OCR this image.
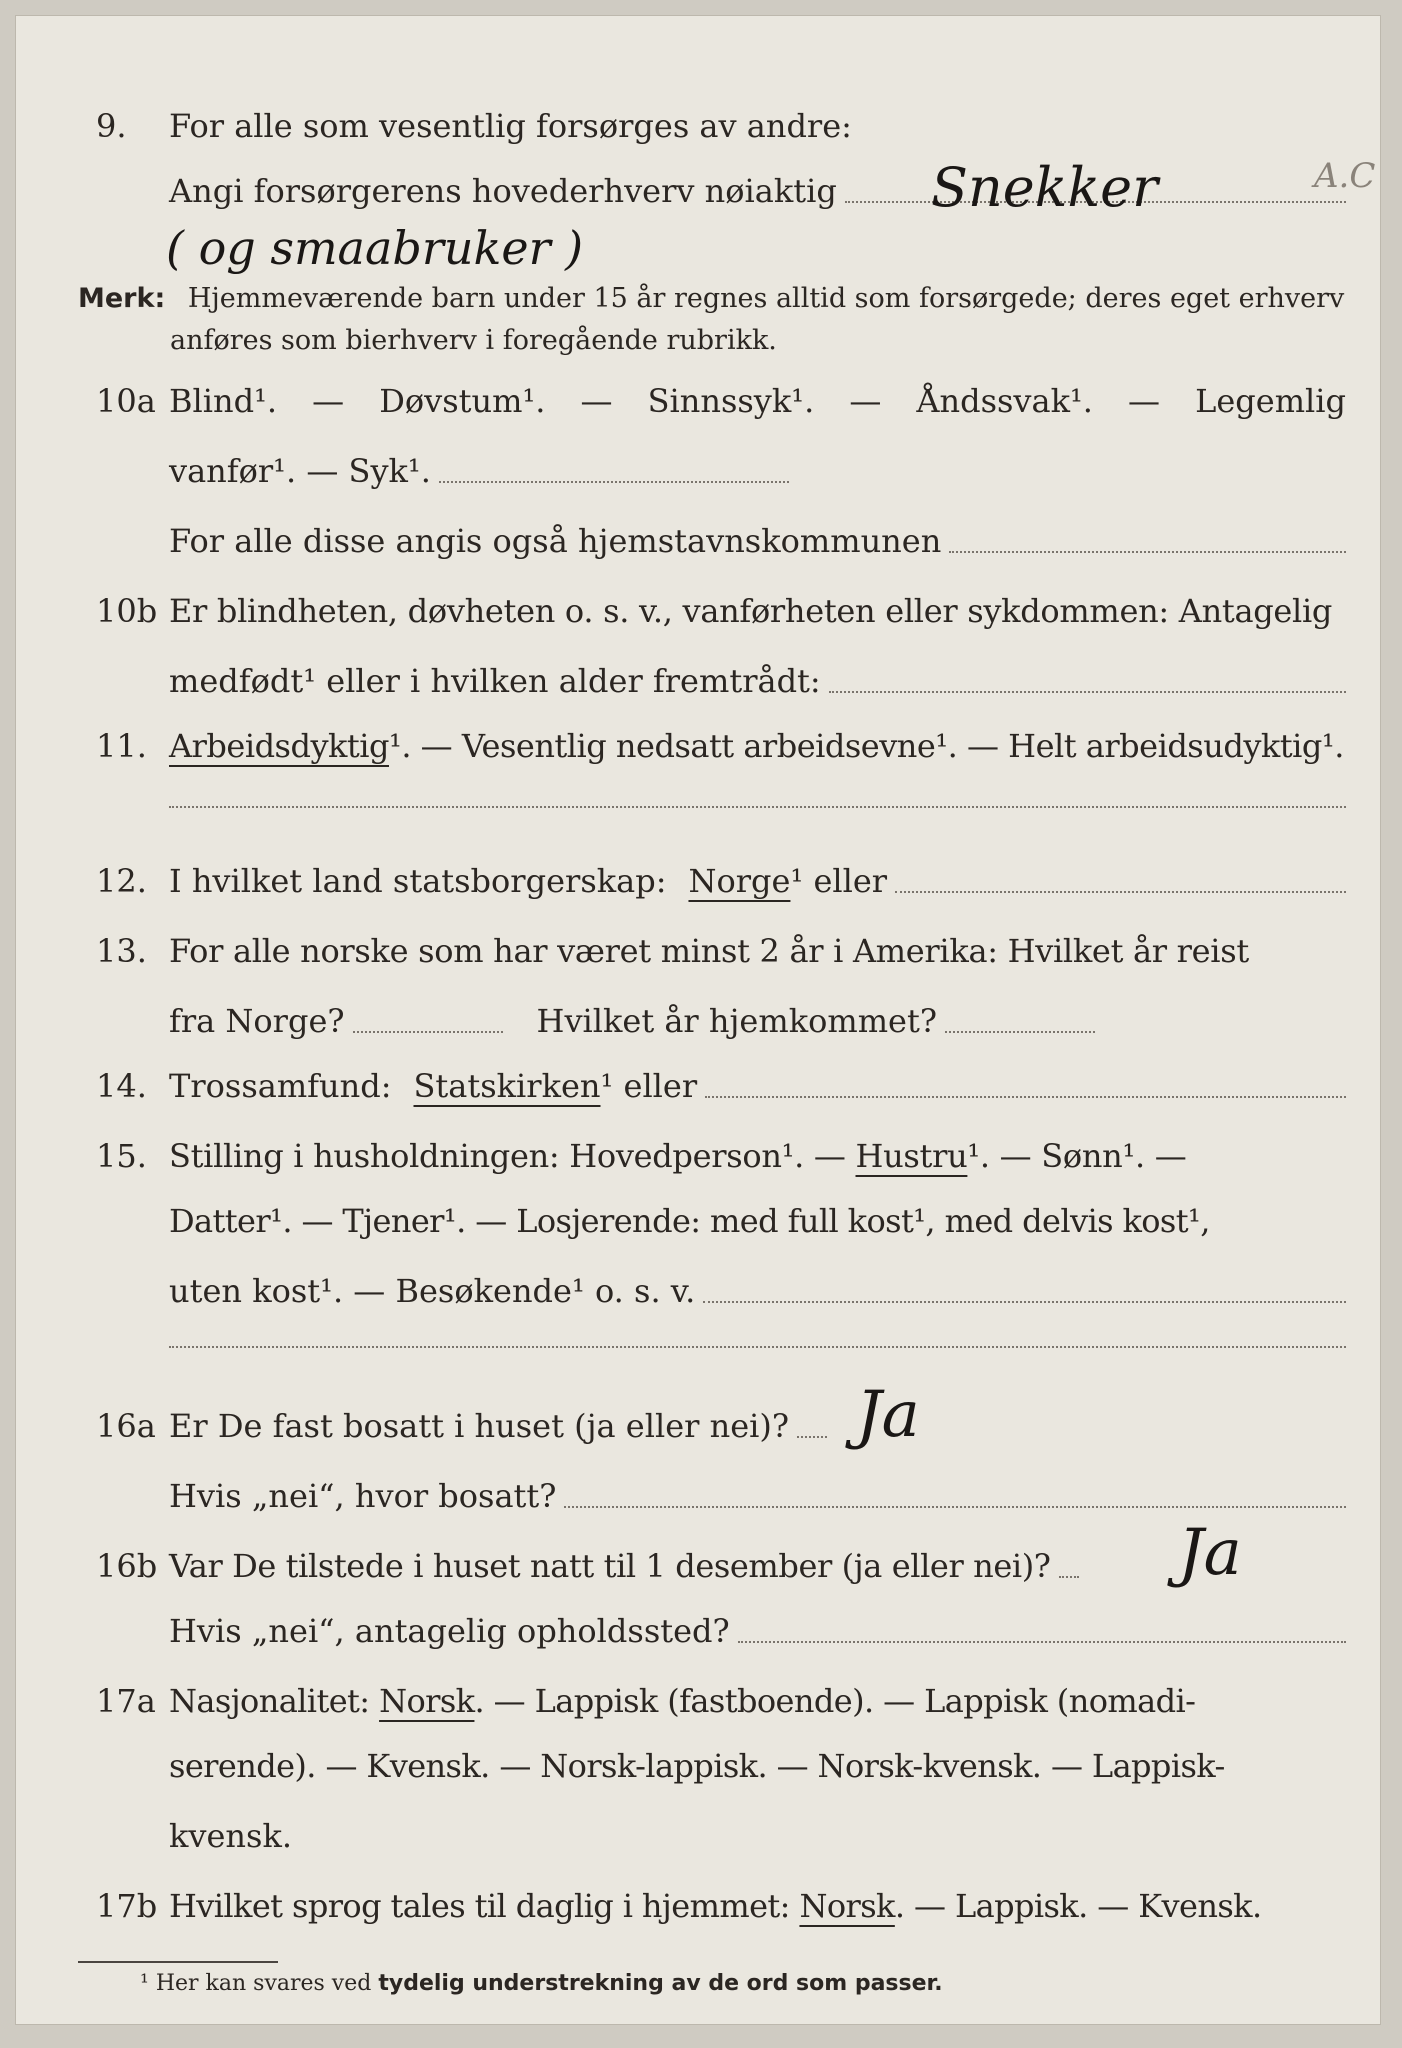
9. For alle som vesentlig forsørges av andre:
Angi forsørgerens hovederhverv nøiaktig Snekker	A.C
( og smaabruker )
Merk: Hjemmeværende barn under 15 år regnes alltid som forsørgede; deres eget erhverv
anføres som bierhverv i foregående rubrikk.
10a Blind¹. — Døvstum¹. — Sinnssyk¹. — Åndssvak¹. — Legemlig
vanfør¹. — Syk¹.
For alle disse angis også hjemstavnskommunen
10b Er blindheten, døvheten o. s. v., vanførheten eller sykdommen: Antagelig
medfødt¹ eller i hvilken alder fremtrådt:
11. Arbeidsdyktig¹. — Vesentlig nedsatt arbeidsevne¹. — Helt arbeidsudyktig¹.
12. I hvilket land statsborgerskap: Norge ¹ eller
13. For alle norske som har været minst 2 år i Amerika: Hvilket år reist
fra Norge?	Hvilket år hjemkommet?
14. Trossamfund: Statskirken ¹ eller
15. Stilling i husholdningen: Hovedperson¹. — Hustru¹. — Sønn¹. —
Datter¹. — Tjener¹. — Losjerende: med full kost¹, med delvis kost¹,
uten kost¹. — Besøkende¹ o. s. v.
16a Er De fast bosatt i huset (ja eller nei)? Ja
Hvis „nei“, hvor bosatt?
16b Var De tilstede i huset natt til 1 desember (ja eller nei)? Ja
Hvis „nei“, antagelig opholdssted?
17a Nasjonalitet: Norsk. — Lappisk (fastboende). — Lappisk (nomadi-
serende). — Kvensk. — Norsk-lappisk. — Norsk-kvensk. — Lappisk-
kvensk.
17b Hvilket sprog tales til daglig i hjemmet: Norsk. — Lappisk. — Kvensk.
¹ Her kan svares ved tydelig understrekning av de ord som passer.
